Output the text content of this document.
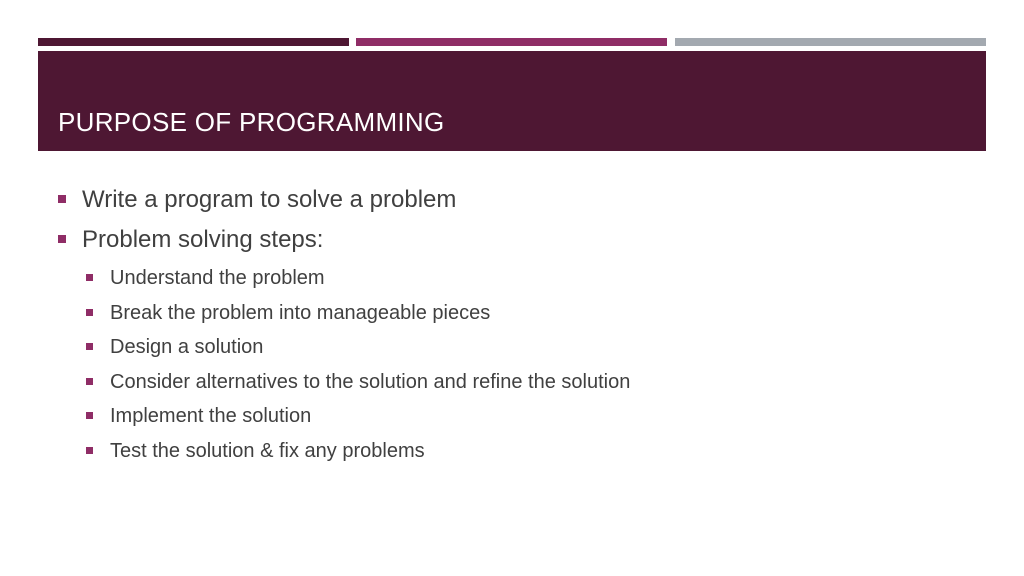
PURPOSE OF PROGRAMMING
Write a program to solve a problem
Problem solving steps:
Understand the problem
Break the problem into manageable pieces
Design a solution
Consider alternatives to the solution and refine the solution
Implement the solution
Test the solution & fix any problems
